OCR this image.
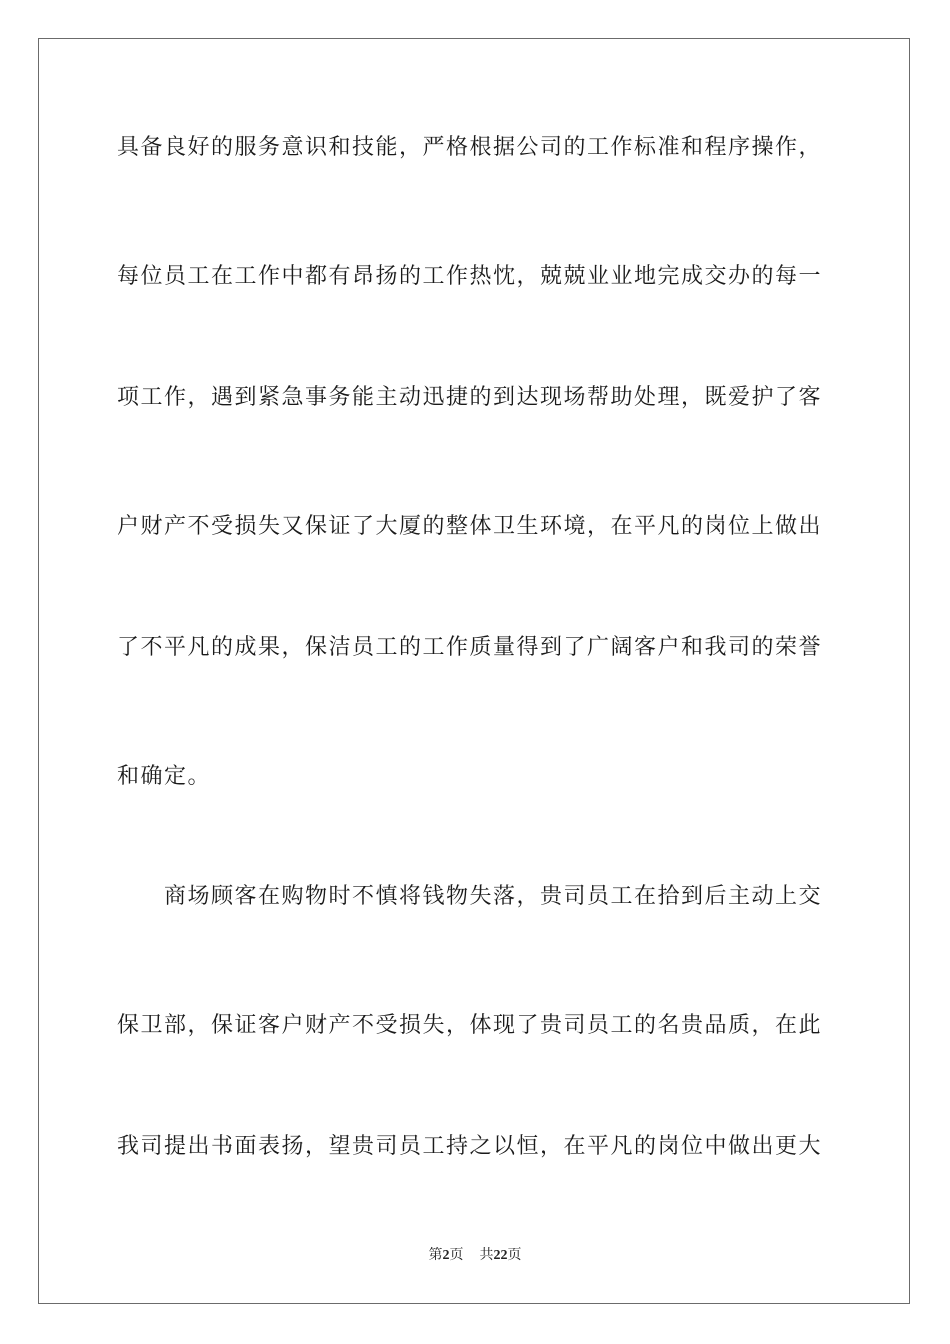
具备良好的服务意识和技能，严格根据公司的工作标准和程序操作，
每位员工在工作中都有昂扬的工作热忱，兢兢业业地完成交办的每一
项工作，遇到紧急事务能主动迅捷的到达现场帮助处理，既爱护了客
户财产不受损失又保证了大厦的整体卫生环境，在平凡的岗位上做出
了不平凡的成果，保洁员工的工作质量得到了广阔客户和我司的荣誉
和确定。
商场顾客在购物时不慎将钱物失落，贵司员工在拾到后主动上交
保卫部，保证客户财产不受损失，体现了贵司员工的名贵品质，在此
我司提出书面表扬，望贵司员工持之以恒，在平凡的岗位中做出更大
第2页 共22页
